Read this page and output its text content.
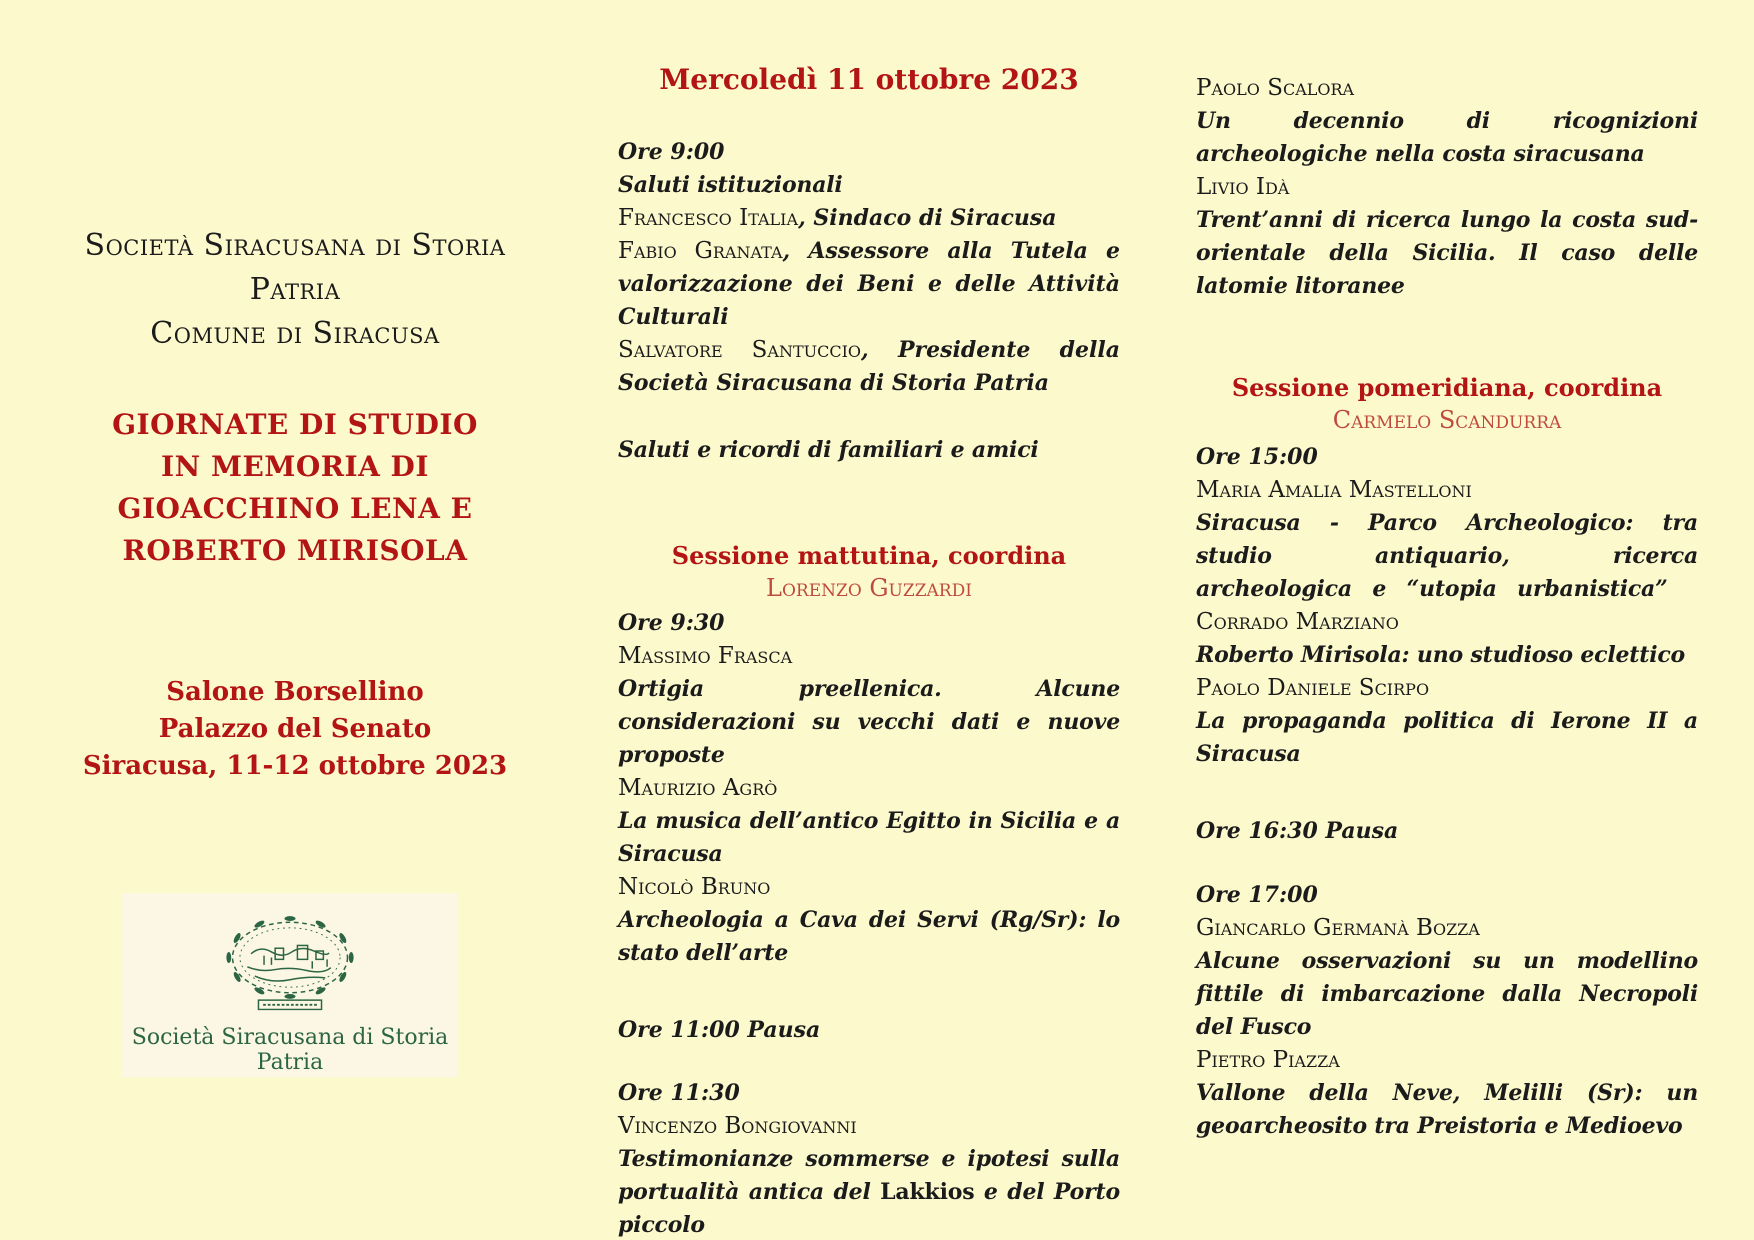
Società Siracusana di Storia Patria
Comune di Siracusa
GIORNATE DI STUDIO
IN MEMORIA DI
GIOACCHINO LENA E
ROBERTO MIRISOLA
Salone Borsellino
Palazzo del Senato
Siracusa, 11-12 ottobre 2023
Società Siracusana di Storia Patria
Mercoledì 11 ottobre 2023

Ore 9:00

Saluti istituzionali

Francesco Italia, Sindaco di Siracusa

Fabio Granata, Assessore alla Tutela e valorizzazione dei Beni e delle Attività Culturali

Salvatore Santuccio, Presidente della Società Siracusana di Storia Patria

Saluti e ricordi di familiari e amici

Sessione mattutina, coordina

Lorenzo Guzzardi

Ore 9:30

Massimo Frasca

Ortigia preellenica. Alcune considerazioni su vecchi dati e nuove proposte

Maurizio Agrò

La musica dell’antico Egitto in Sicilia e a Siracusa

Nicolò Bruno

Archeologia a Cava dei Servi (Rg/Sr): lo stato dell’arte

Ore 11:00 Pausa

Ore 11:30

Vincenzo Bongiovanni

Testimonianze sommerse e ipotesi sulla portualità antica del Lakkios e del Porto piccolo

Paolo Scalora

Un decennio di ricognizioni archeologiche nella costa siracusana

Livio Idà

Trent’anni di ricerca lungo la costa sud-orientale della Sicilia. Il caso delle latomie litoranee

Sessione pomeridiana, coordina

Carmelo Scandurra

Ore 15:00

Maria Amalia Mastelloni

Siracusa - Parco Archeologico: tra studio antiquario, ricerca archeologica e “utopia urbanistica”

Corrado Marziano

Roberto Mirisola: uno studioso eclettico

Paolo Daniele Scirpo

La propaganda politica di Ierone II a Siracusa

Ore 16:30 Pausa

Ore 17:00

Giancarlo Germanà Bozza

Alcune osservazioni su un modellino fittile di imbarcazione dalla Necropoli del Fusco

Pietro Piazza

Vallone della Neve, Melilli (Sr): un geoarcheosito tra Preistoria e Medioevo
